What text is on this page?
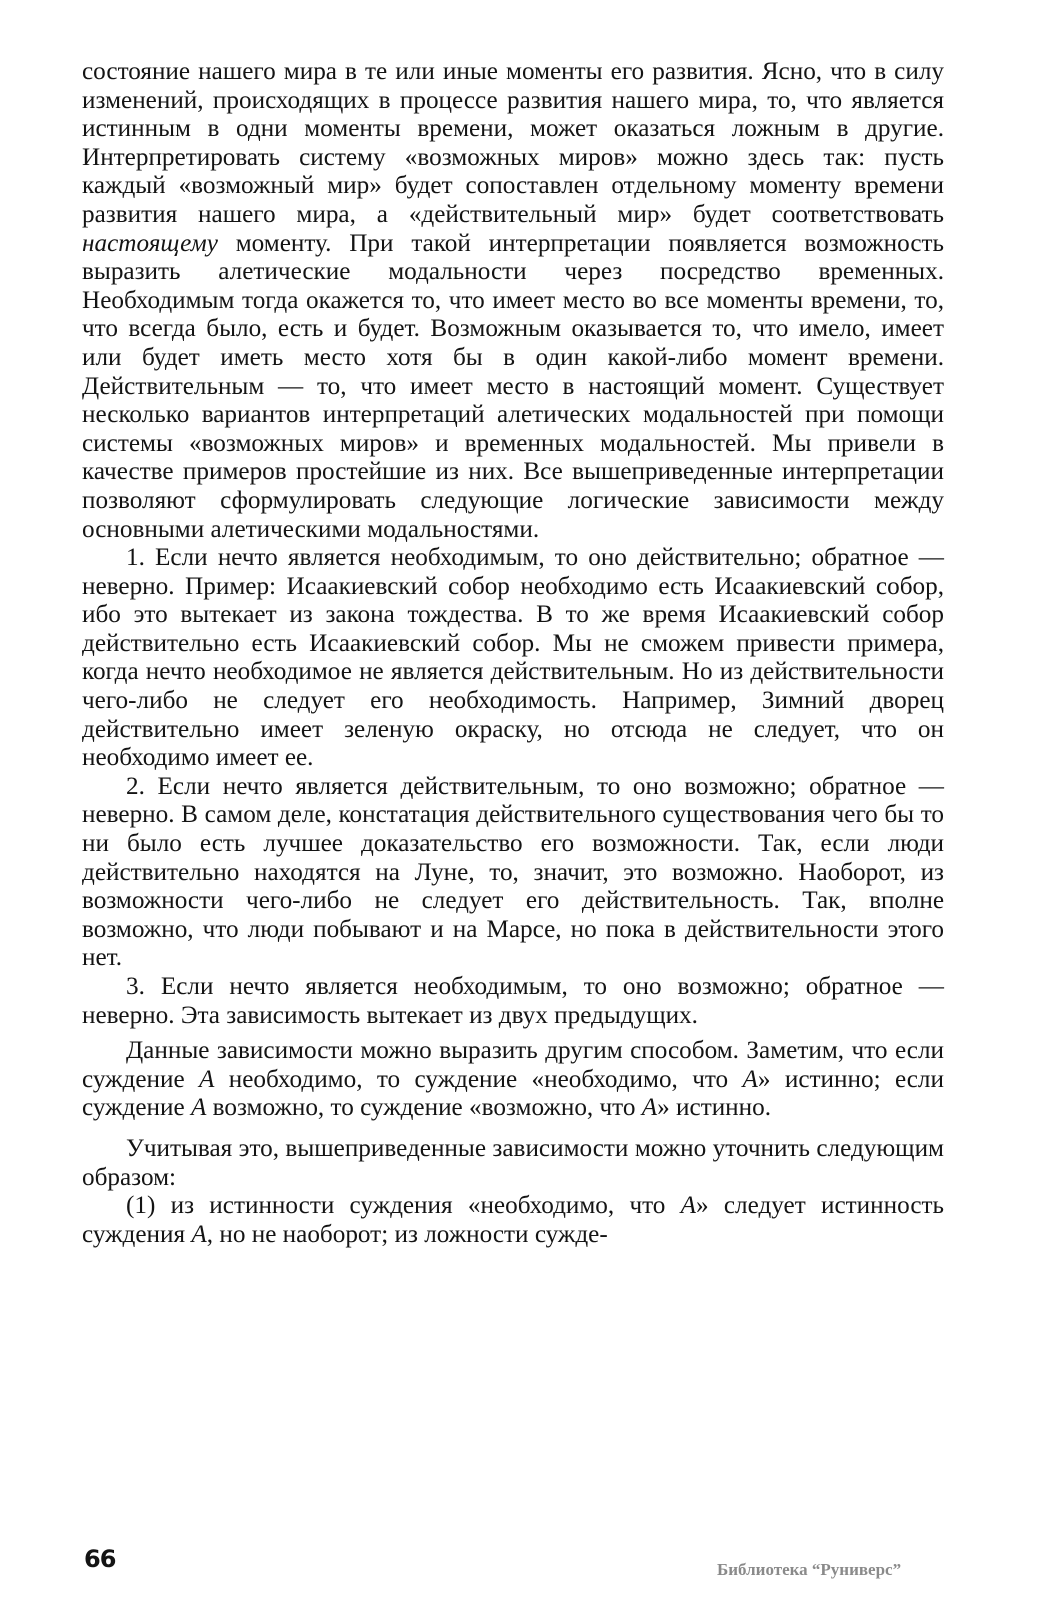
состояние нашего мира в те или иные моменты его развития. Ясно, что в силу изменений, происходящих в процессе развития нашего мира, то, что является истинным в одни моменты времени, может оказаться ложным в другие. Интерпретировать систему «возможных миров» можно здесь так: пусть каждый «возможный мир» будет сопоставлен отдельному моменту времени развития нашего мира, а «действительный мир» будет соответствовать настоящему моменту. При такой интерпретации появляется возможность выразить алетические модальности через посредство временных. Необходимым тогда окажется то, что имеет место во все моменты времени, то, что всегда было, есть и будет. Возможным оказывается то, что имело, имеет или будет иметь место хотя бы в один какой-либо момент времени. Действительным — то, что имеет место в настоящий момент. Существует несколько вариантов интерпретаций алетических модальностей при помощи системы «возможных миров» и временных модальностей. Мы привели в качестве примеров простейшие из них. Все вышеприведенные интерпретации позволяют сформулировать следующие логические зависимости между основными алетическими модальностями.

1. Если нечто является необходимым, то оно действительно; обратное — неверно. Пример: Исаакиевский собор необходимо есть Исаакиевский собор, ибо это вытекает из закона тождества. В то же время Исаакиевский собор действительно есть Исаакиевский собор. Мы не сможем привести примера, когда нечто необходимое не является действительным. Но из действительности чего-либо не следует его необходимость. Например, Зимний дворец действительно имеет зеленую окраску, но отсюда не следует, что он необходимо имеет ее.

2. Если нечто является действительным, то оно возможно; обратное — неверно. В самом деле, констатация действительного существования чего бы то ни было есть лучшее доказательство его возможности. Так, если люди действительно находятся на Луне, то, значит, это возможно. Наоборот, из возможности чего-либо не следует его действительность. Так, вполне возможно, что люди побывают и на Марсе, но пока в действительности этого нет.

3. Если нечто является необходимым, то оно возможно; обратное — неверно. Эта зависимость вытекает из двух предыдущих.

Данные зависимости можно выразить другим способом. Заметим, что если суждение A необходимо, то суждение «необходимо, что A» истинно; если суждение A возможно, то суждение «возможно, что A» истинно.

Учитывая это, вышеприведенные зависимости можно уточнить следующим образом:

(1) из истинности суждения «необходимо, что A» следует истинность суждения A, но не наоборот; из ложности сужде-

66	Библиотека “Руниверс”
